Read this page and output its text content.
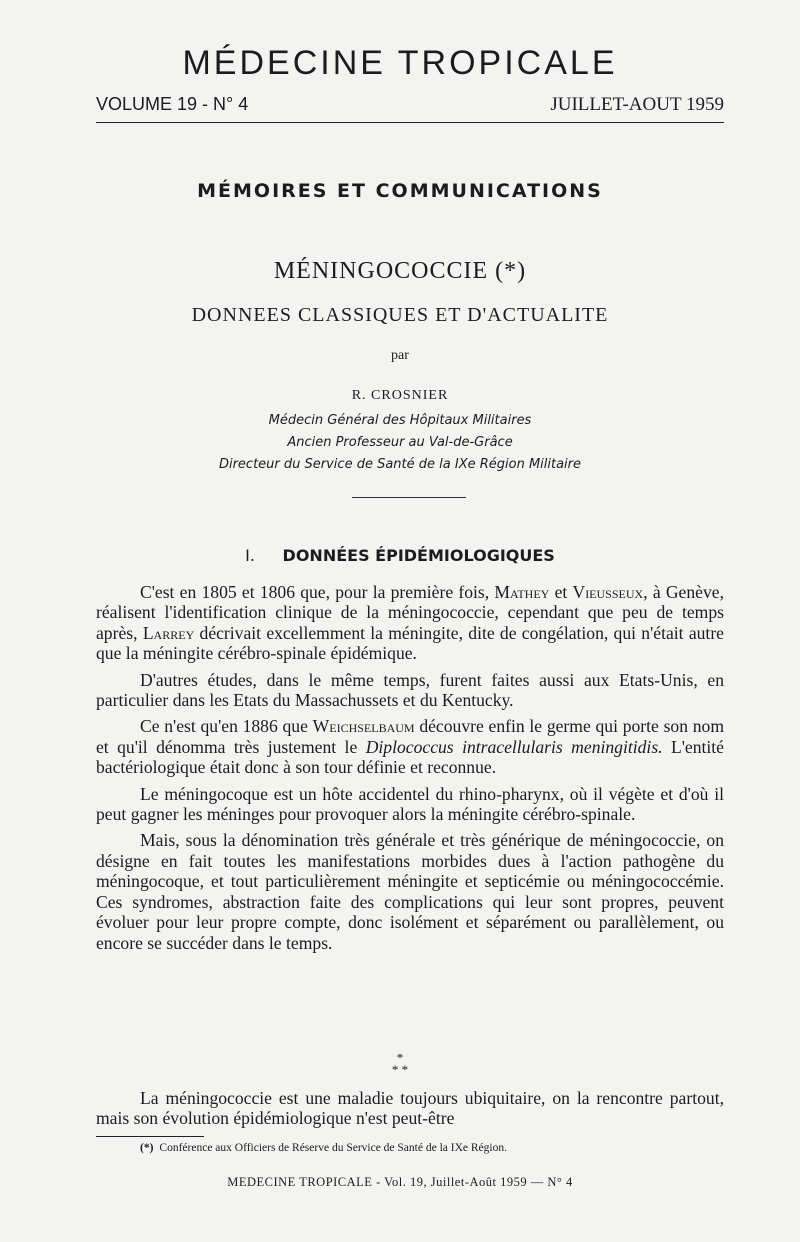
MÉDECINE TROPICALE
VOLUME 19 - N° 4	JUILLET-AOUT 1959
MÉMOIRES ET COMMUNICATIONS
MÉNINGOCOCCIE (*)
DONNEES CLASSIQUES ET D'ACTUALITE
par
R. CROSNIER
Médecin Général des Hôpitaux Militaires
Ancien Professeur au Val-de-Grâce
Directeur du Service de Santé de la IXe Région Militaire
I. DONNÉES ÉPIDÉMIOLOGIQUES

C'est en 1805 et 1806 que, pour la première fois, Mathey et Vieusseux, à Genève, réalisent l'identification clinique de la méningococcie, cependant que peu de temps après, Larrey décrivait excellemment la méningite, dite de congélation, qui n'était autre que la méningite cérébro-spinale épidémique.

D'autres études, dans le même temps, furent faites aussi aux Etats-Unis, en particulier dans les Etats du Massachussets et du Kentucky.

Ce n'est qu'en 1886 que Weichselbaum découvre enfin le germe qui porte son nom et qu'il dénomma très justement le Diplococcus intracellularis meningitidis. L'entité bactériologique était donc à son tour définie et reconnue.

Le méningocoque est un hôte accidentel du rhino-pharynx, où il végète et d'où il peut gagner les méninges pour provoquer alors la méningite cérébro-spinale.

Mais, sous la dénomination très générale et très générique de méningococcie, on désigne en fait toutes les manifestations morbides dues à l'action pathogène du méningocoque, et tout particulièrement méningite et septicémie ou méningococcémie. Ces syndromes, abstraction faite des complications qui leur sont propres, peuvent évoluer pour leur propre compte, donc isolément et séparément ou parallèlement, ou encore se succéder dans le temps.

*
* *

La méningococcie est une maladie toujours ubiquitaire, on la rencontre partout, mais son évolution épidémiologique n'est peut-être

(*) Conférence aux Officiers de Réserve du Service de Santé de la IXe Région.
MEDECINE TROPICALE - Vol. 19, Juillet-Août 1959 — N° 4
